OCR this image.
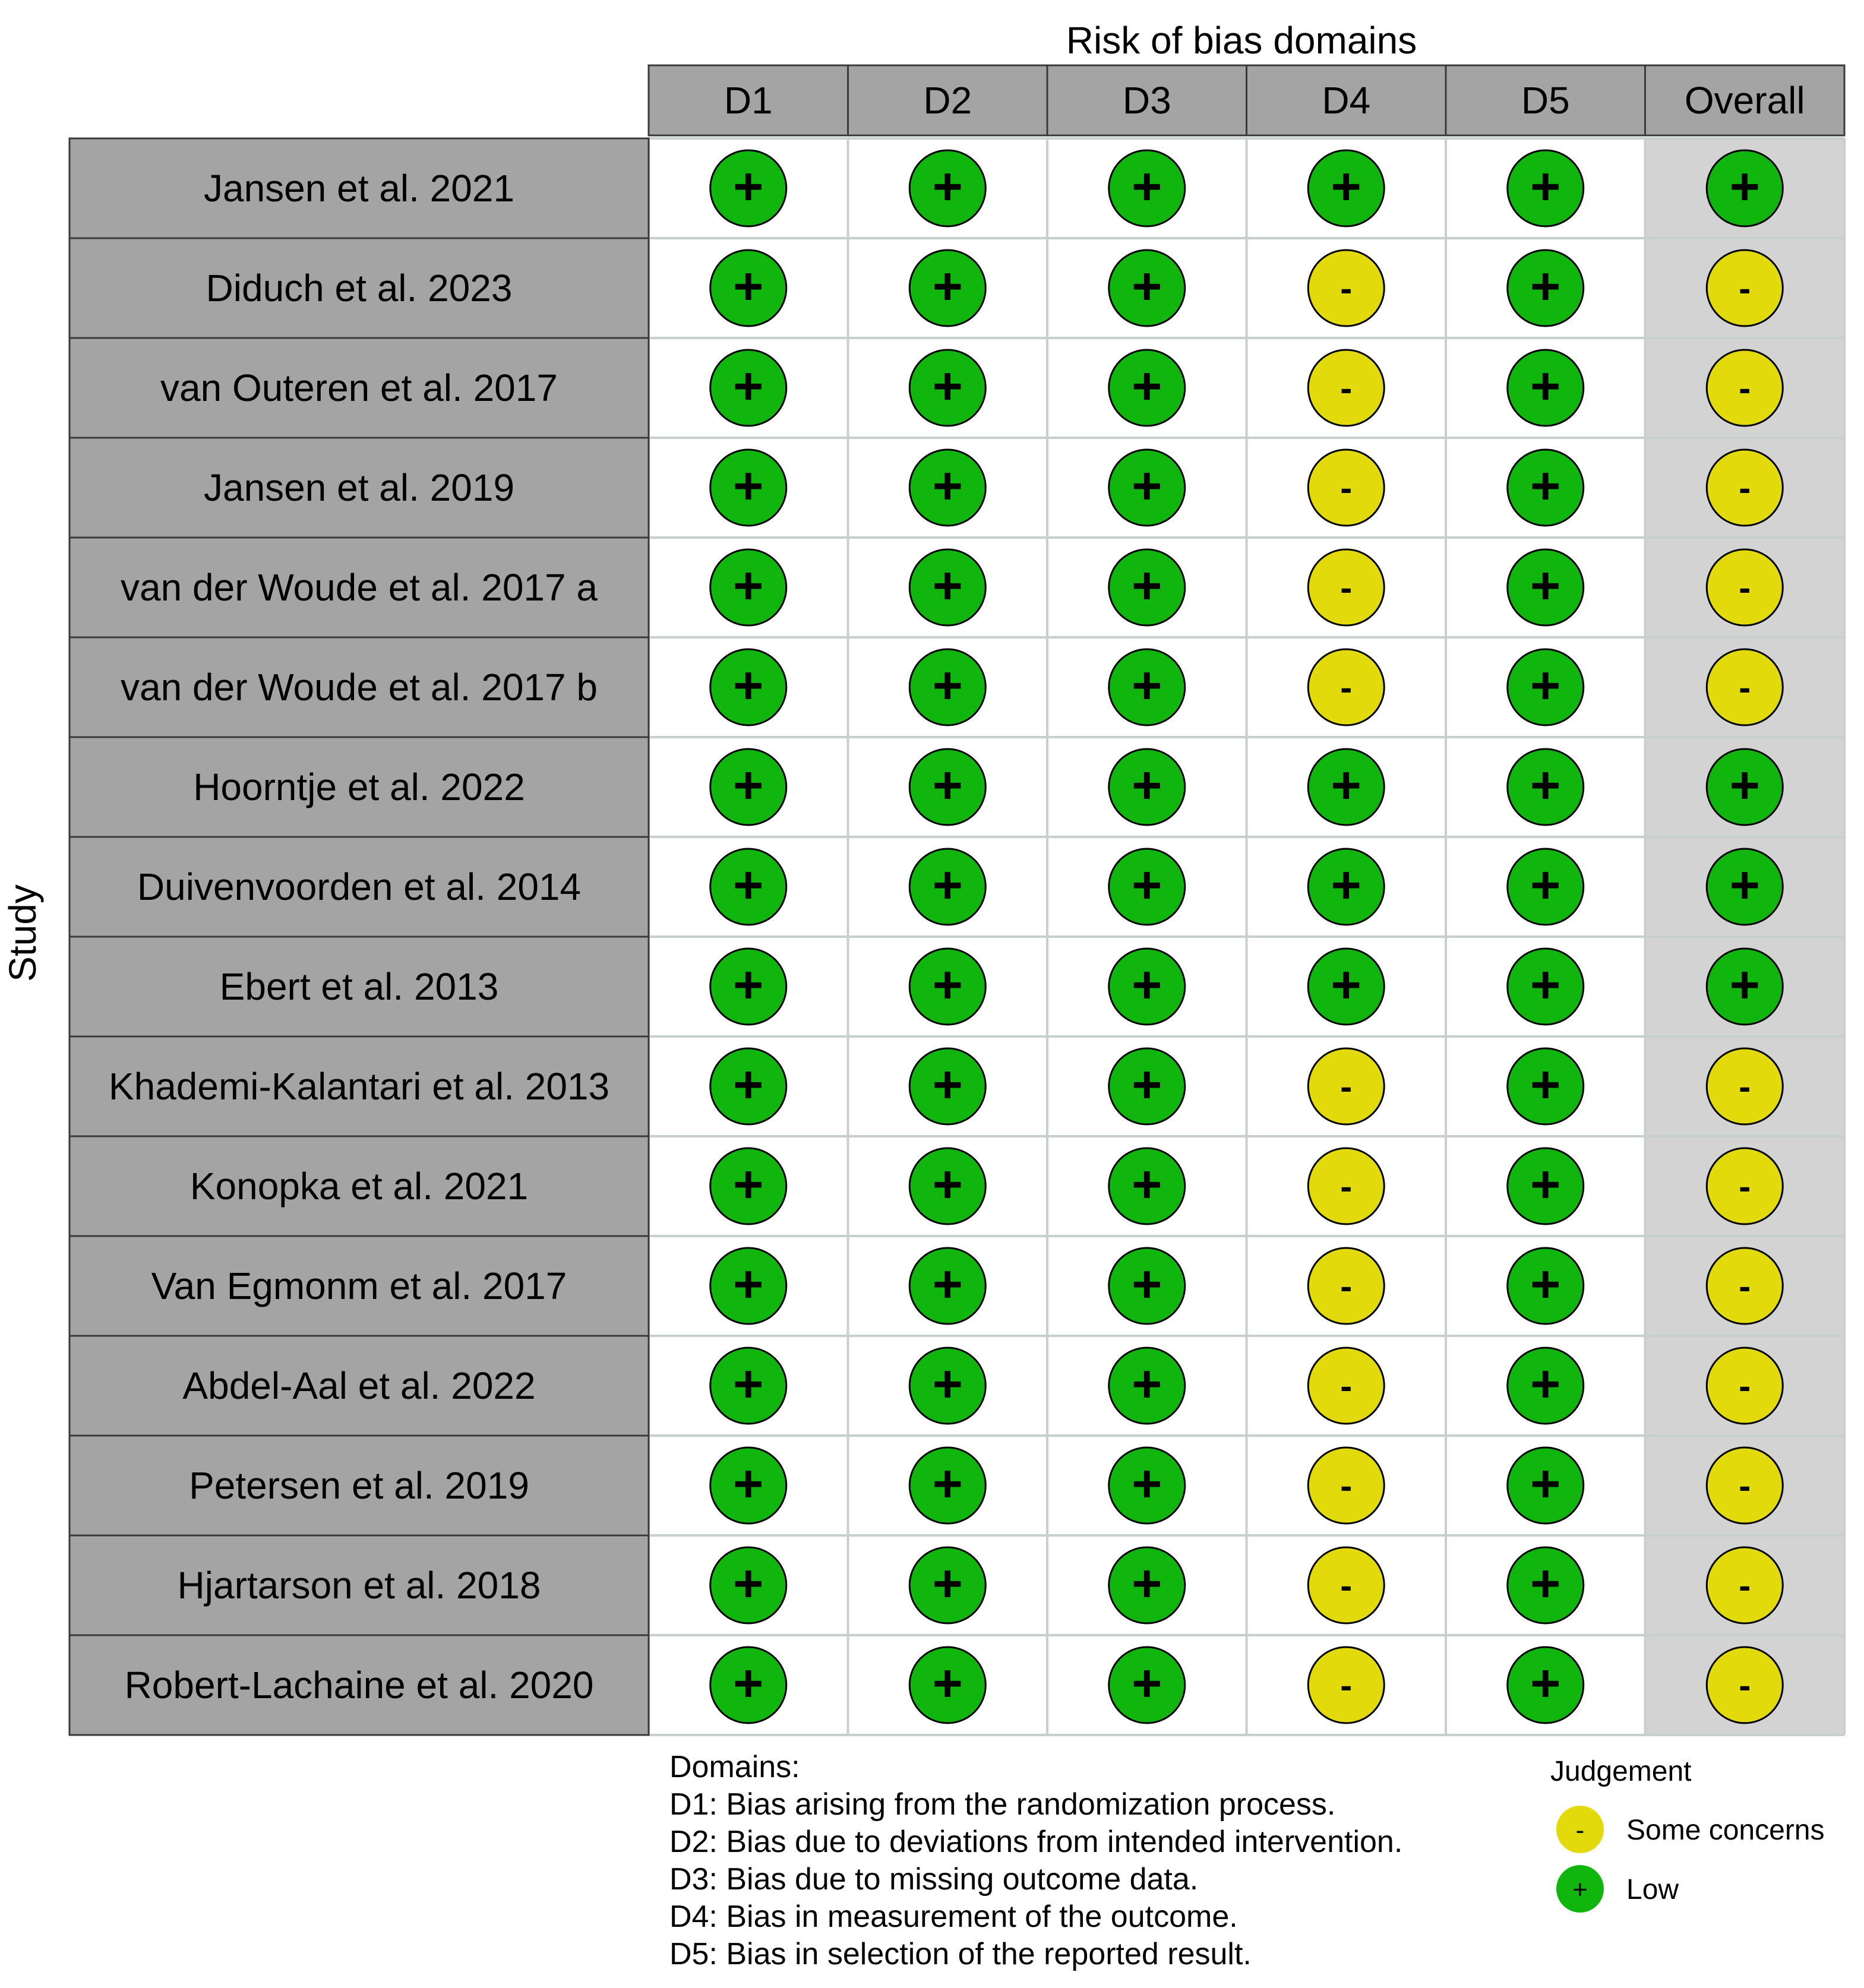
Risk of bias domains
Study
D1	D2	D3	D4	D5	Overall
Jansen et al. 2021	+	+	+	+	+	+
Diduch et al. 2023	+	+	+	-	+	-
van Outeren et al. 2017	+	+	+	-	+	-
Jansen et al. 2019	+	+	+	-	+	-
van der Woude et al. 2017 a	+	+	+	-	+	-
van der Woude et al. 2017 b	+	+	+	-	+	-
Hoorntje et al. 2022	+	+	+	+	+	+
Duivenvoorden et al. 2014	+	+	+	+	+	+
Ebert et al. 2013	+	+	+	+	+	+
Khademi-Kalantari et al. 2013 +	+	+	-	+	-
Konopka et al. 2021	+	+	+	-	+	-
Van Egmonm et al. 2017	+	+	+	-	+	-
Abdel-Aal et al. 2022	+	+	+	-	+	-
Petersen et al. 2019	+	+	+	-	+	-
Hjartarson et al. 2018	+	+	+	-	+	-
Robert-Lachaine et al. 2020	+	+	+	-	+	-
Domains:
D1: Bias arising from the randomization process.
D2: Bias due to deviations from intended intervention.
D3: Bias due to missing outcome data.
D4: Bias in measurement of the outcome.
D5: Bias in selection of the reported result.
Judgement
- Some concerns
+ Low
